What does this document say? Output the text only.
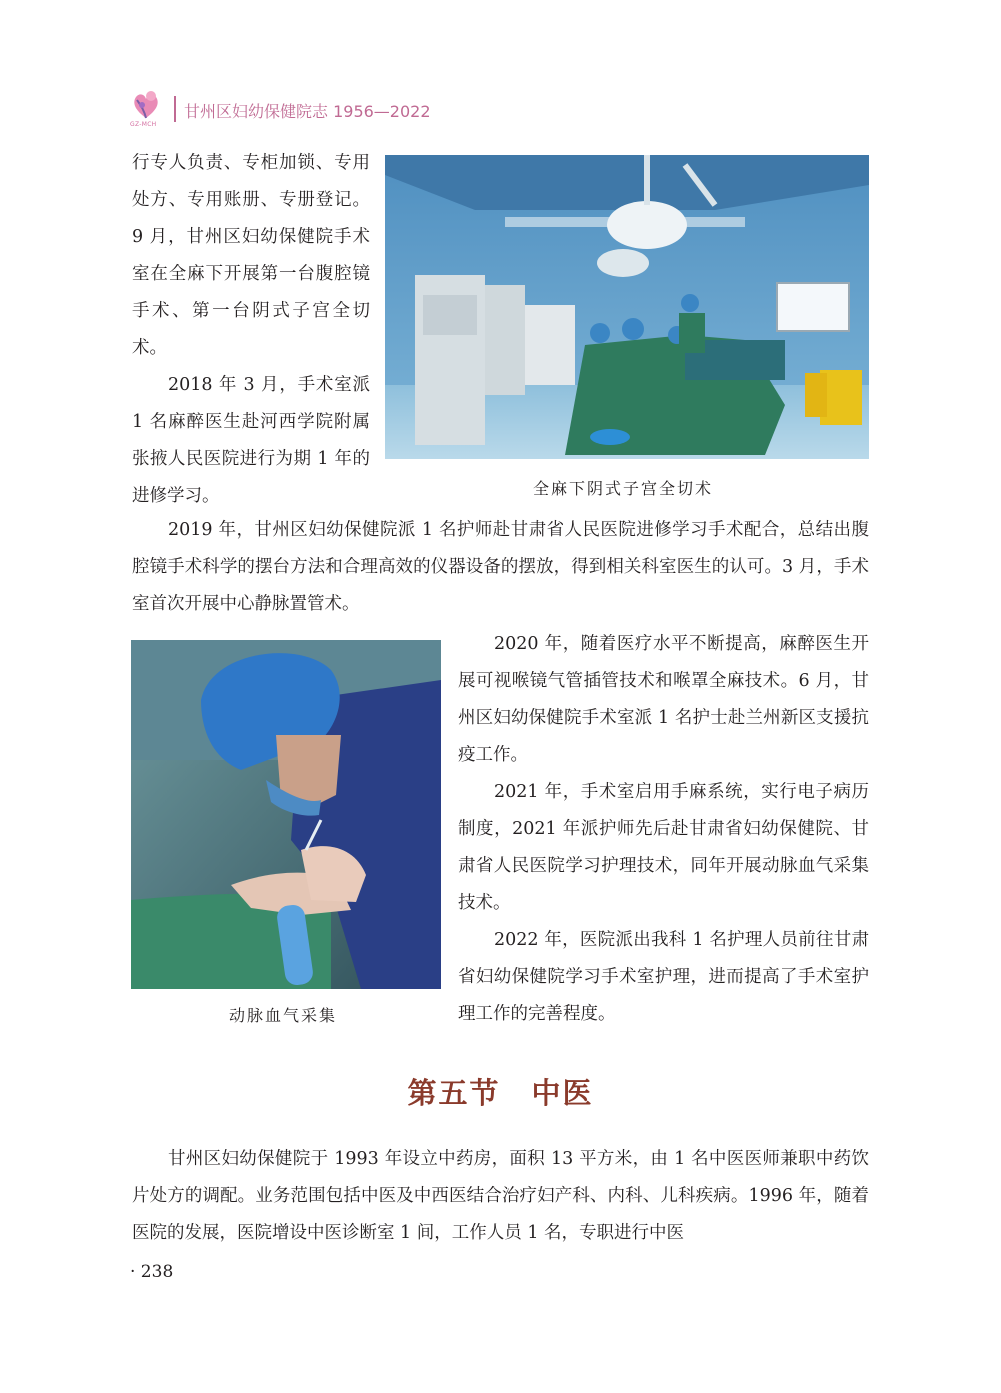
GZ-MCH
甘州区妇幼保健院志 1956—2022

行专人负责、专柜加锁、专用处方、专用账册、专册登记。9 月，甘州区妇幼保健院手术室在全麻下开展第一台腹腔镜手术、第一台阴式子宫全切术。

2018 年 3 月，手术室派 1 名麻醉医生赴河西学院附属张掖人民医院进行为期 1 年的进修学习。	全麻下阴式子宫全切术

2019 年，甘州区妇幼保健院派 1 名护师赴甘肃省人民医院进修学习手术配合，总结出腹腔镜手术科学的摆台方法和合理高效的仪器设备的摆放，得到相关科室医生的认可。3 月，手术室首次开展中心静脉置管术。

动脉血气采集

2020 年，随着医疗水平不断提高，麻醉医生开展可视喉镜气管插管技术和喉罩全麻技术。6 月，甘州区妇幼保健院手术室派 1 名护士赴兰州新区支援抗疫工作。

2021 年，手术室启用手麻系统，实行电子病历制度，2021 年派护师先后赴甘肃省妇幼保健院、甘肃省人民医院学习护理技术，同年开展动脉血气采集技术。

2022 年，医院派出我科 1 名护理人员前往甘肃省妇幼保健院学习手术室护理，进而提高了手术室护理工作的完善程度。

第五节　中医

甘州区妇幼保健院于 1993 年设立中药房，面积 13 平方米，由 1 名中医医师兼职中药饮片处方的调配。业务范围包括中医及中西医结合治疗妇产科、内科、儿科疾病。1996 年，随着医院的发展，医院增设中医诊断室 1 间，工作人员 1 名，专职进行中医

· 238
